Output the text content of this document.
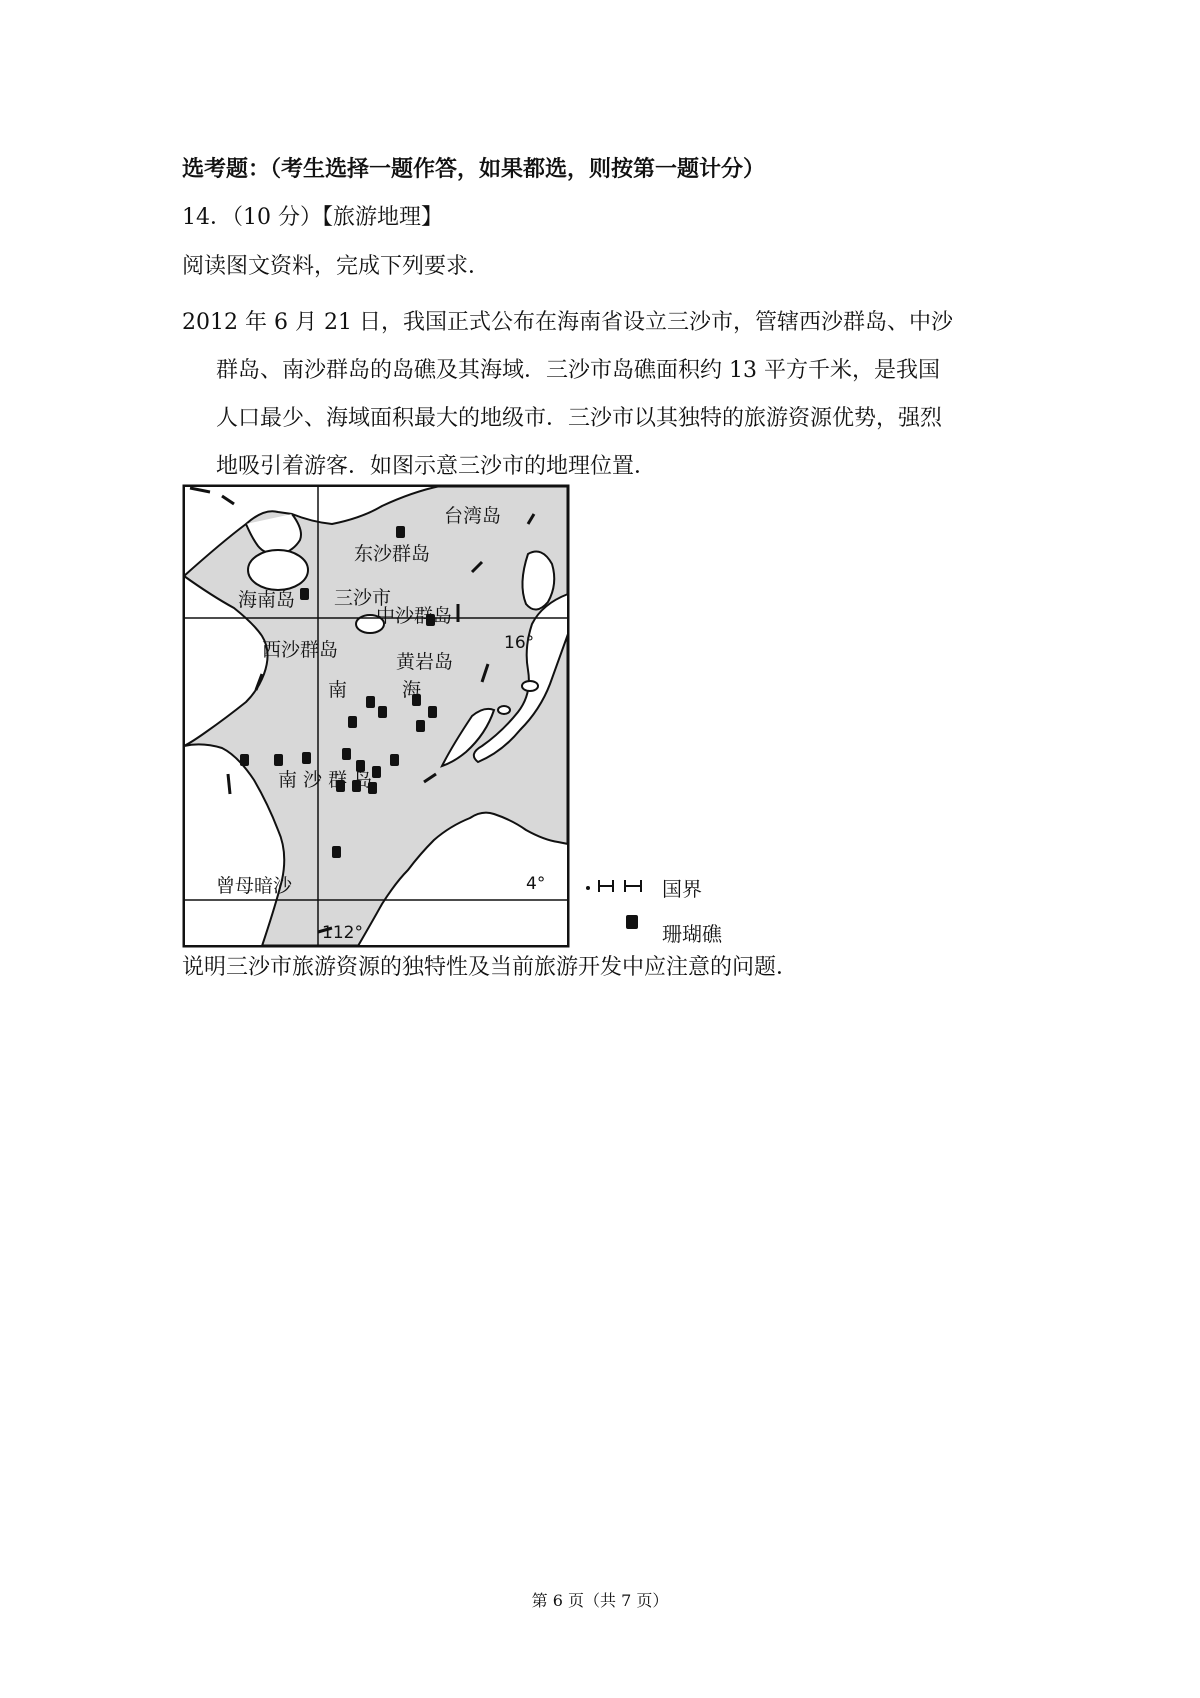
选考题：（考生选择一题作答，如果都选，则按第一题计分）

14．（10 分）【旅游地理】

阅读图文资料，完成下列要求．

2012 年 6 月 21 日，我国正式公布在海南省设立三沙市，管辖西沙群岛、中沙
群岛、南沙群岛的岛礁及其海域．三沙市岛礁面积约 13 平方千米，是我国
人口最少、海域面积最大的地级市．三沙市以其独特的旅游资源优势，强烈
地吸引着游客．如图示意三沙市的地理位置．
台湾岛
东沙群岛
海南岛 三沙市
中沙群岛
16°
西沙群岛
黄岩岛
南	海
南 沙 群 岛
曾母暗沙
112°
4°	国界
珊瑚礁

说明三沙市旅游资源的独特性及当前旅游开发中应注意的问题．

第 6 页（共 7 页）
